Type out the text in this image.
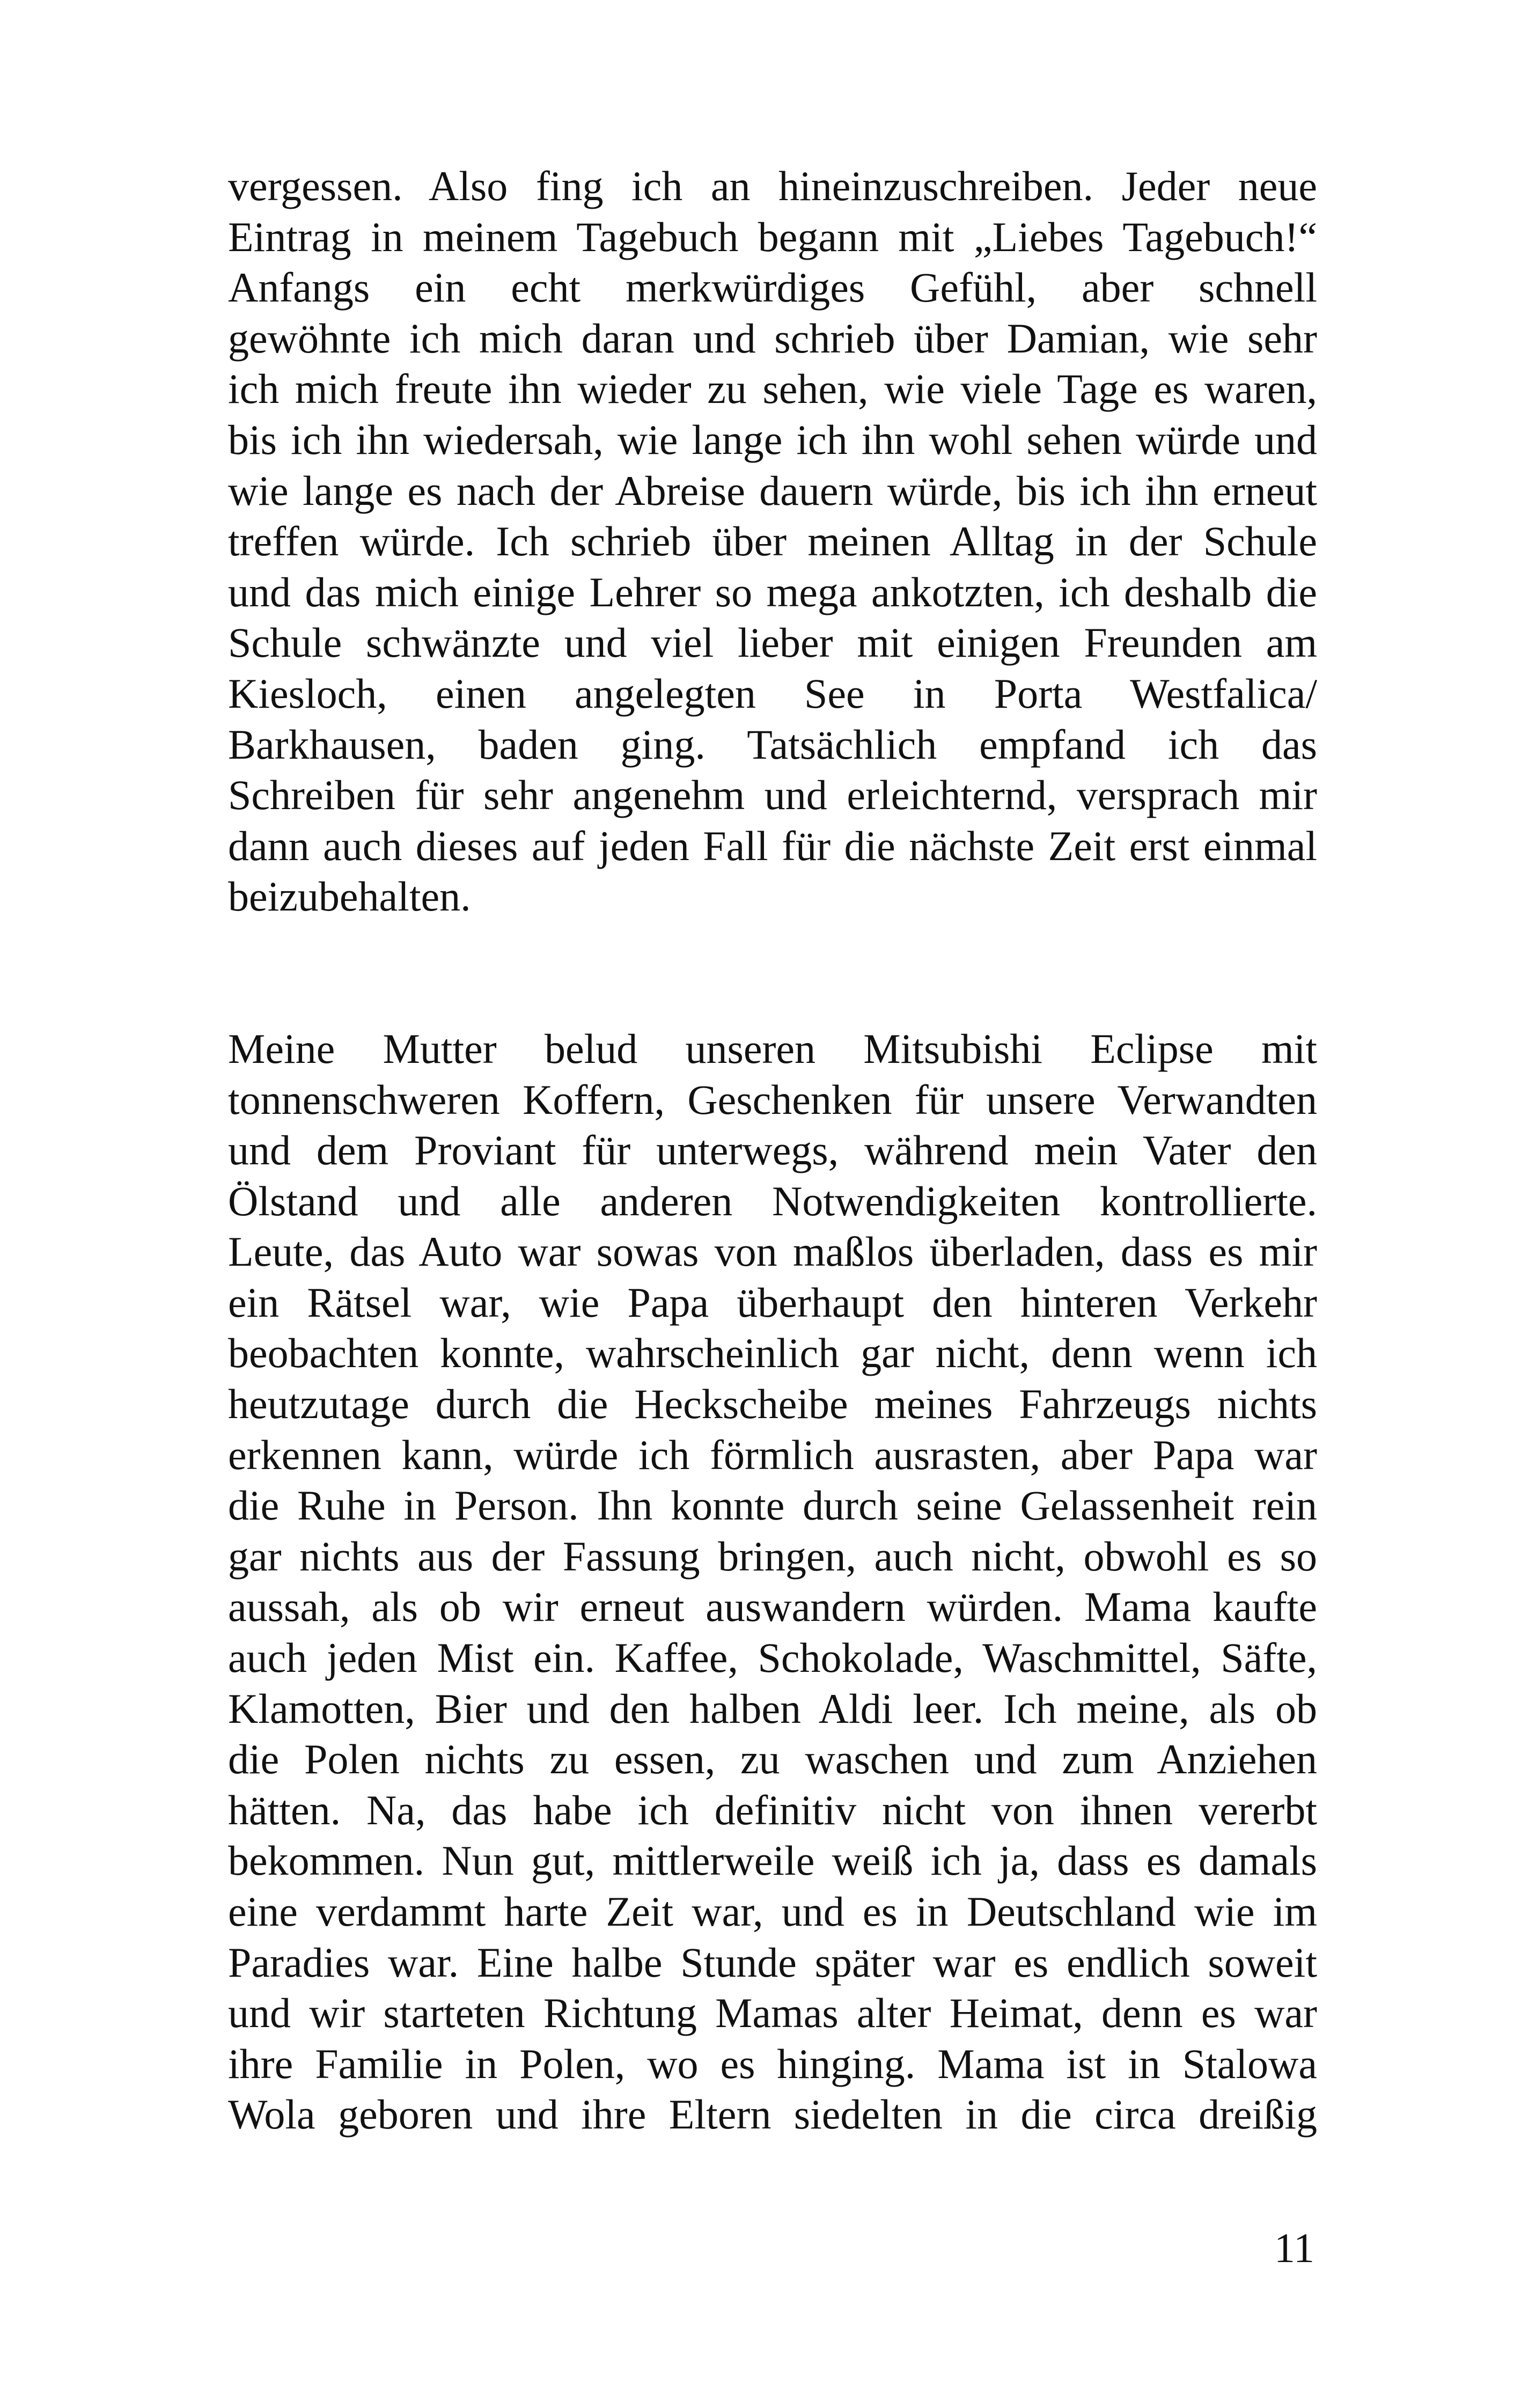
vergessen. Also fing ich an hineinzuschreiben. Jeder neue
Eintrag in meinem Tagebuch begann mit „Liebes Tagebuch!“
Anfangs ein echt merkwürdiges Gefühl, aber schnell
gewöhnte ich mich daran und schrieb über Damian, wie sehr
ich mich freute ihn wieder zu sehen, wie viele Tage es waren,
bis ich ihn wiedersah, wie lange ich ihn wohl sehen würde und
wie lange es nach der Abreise dauern würde, bis ich ihn erneut
treffen würde. Ich schrieb über meinen Alltag in der Schule
und das mich einige Lehrer so mega ankotzten, ich deshalb die
Schule schwänzte und viel lieber mit einigen Freunden am
Kiesloch, einen angelegten See in Porta Westfalica/
Barkhausen, baden ging. Tatsächlich empfand ich das
Schreiben für sehr angenehm und erleichternd, versprach mir
dann auch dieses auf jeden Fall für die nächste Zeit erst einmal
beizubehalten.

Meine Mutter belud unseren Mitsubishi Eclipse mit
tonnenschweren Koffern, Geschenken für unsere Verwandten
und dem Proviant für unterwegs, während mein Vater den
Ölstand und alle anderen Notwendigkeiten kontrollierte.
Leute, das Auto war sowas von maßlos überladen, dass es mir
ein Rätsel war, wie Papa überhaupt den hinteren Verkehr
beobachten konnte, wahrscheinlich gar nicht, denn wenn ich
heutzutage durch die Heckscheibe meines Fahrzeugs nichts
erkennen kann, würde ich förmlich ausrasten, aber Papa war
die Ruhe in Person. Ihn konnte durch seine Gelassenheit rein
gar nichts aus der Fassung bringen, auch nicht, obwohl es so
aussah, als ob wir erneut auswandern würden. Mama kaufte
auch jeden Mist ein. Kaffee, Schokolade, Waschmittel, Säfte,
Klamotten, Bier und den halben Aldi leer. Ich meine, als ob
die Polen nichts zu essen, zu waschen und zum Anziehen
hätten. Na, das habe ich definitiv nicht von ihnen vererbt
bekommen. Nun gut, mittlerweile weiß ich ja, dass es damals
eine verdammt harte Zeit war, und es in Deutschland wie im
Paradies war. Eine halbe Stunde später war es endlich soweit
und wir starteten Richtung Mamas alter Heimat, denn es war
ihre Familie in Polen, wo es hinging. Mama ist in Stalowa
Wola geboren und ihre Eltern siedelten in die circa dreißig

11
